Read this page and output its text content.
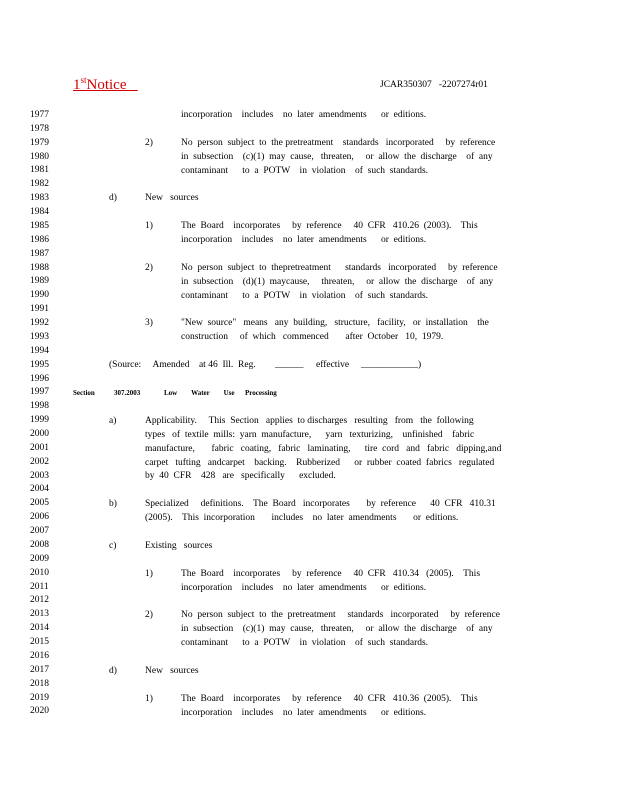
1stNotice	JCAR350307   -2207274r01
1977
1978
1979
1980
1981
1982
1983
1984
1985
1986
1987
1988
1989
1990
1991
1992
1993
1994
1995
1996
1997
1998
1999
2000
2001
2002
2003
2004
2005
2006
2007
2008
2009
2010
2011
2012
2013
2014
2015
2016
2017
2018
2019
2020
incorporation    includes    no  later  amendments      or  editions.
2)	No  person  subject  to  the pretreatment    standards   incorporated     by  reference
in  subsection    (c)(1)  may  cause,   threaten,     or  allow  the  discharge    of  any
contaminant      to  a  POTW    in  violation    of  such  standards.
d)	New   sources
1)	The  Board    incorporates     by  reference     40  CFR   410.26  (2003).    This
incorporation    includes    no  later  amendments      or  editions.
2)	No  person  subject  to  thepretreatment      standards   incorporated     by  reference
in  subsection    (d)(1)  maycause,     threaten,     or  allow  the  discharge    of  any
contaminant      to  a  POTW    in  violation    of  such  standards.
3)	"New  source"   means   any  building,   structure,   facility,   or  installation    the
construction     of  which   commenced       after  October   10,  1979.
(Source:     Amended    at 46  Ill.  Reg. ______ effective ____________)
Section	307.2003	Low        Water        Use      Processing
a)	Applicability.     This  Section   applies  to discharges   resulting   from   the  following
types   of  textile  mills:  yarn  manufacture,      yarn   texturizing,    unfinished    fabric
manufacture,       fabric   coating,   fabric   laminating,      tire  cord   and   fabric   dipping,and
carpet   tufting   andcarpet    backing.    Rubberized      or  rubber  coated  fabrics   regulated
by  40  CFR    428   are   specifically      excluded.
b)	Specialized     definitions.    The  Board   incorporates       by  reference      40  CFR   410.31
(2005).    This  incorporation       includes    no  later  amendments       or  editions.
c)	Existing   sources
1)	The  Board    incorporates     by  reference     40  CFR   410.34   (2005).    This
incorporation    includes    no  later  amendments      or  editions.
2)	No  person  subject  to  the  pretreatment     standards   incorporated     by  reference
in  subsection    (c)(1)  may  cause,   threaten,     or  allow  the  discharge    of  any
contaminant      to  a  POTW    in  violation    of  such  standards.
d)	New   sources
1)	The  Board    incorporates     by  reference     40  CFR   410.36  (2005).    This
incorporation    includes    no  later  amendments      or  editions.
